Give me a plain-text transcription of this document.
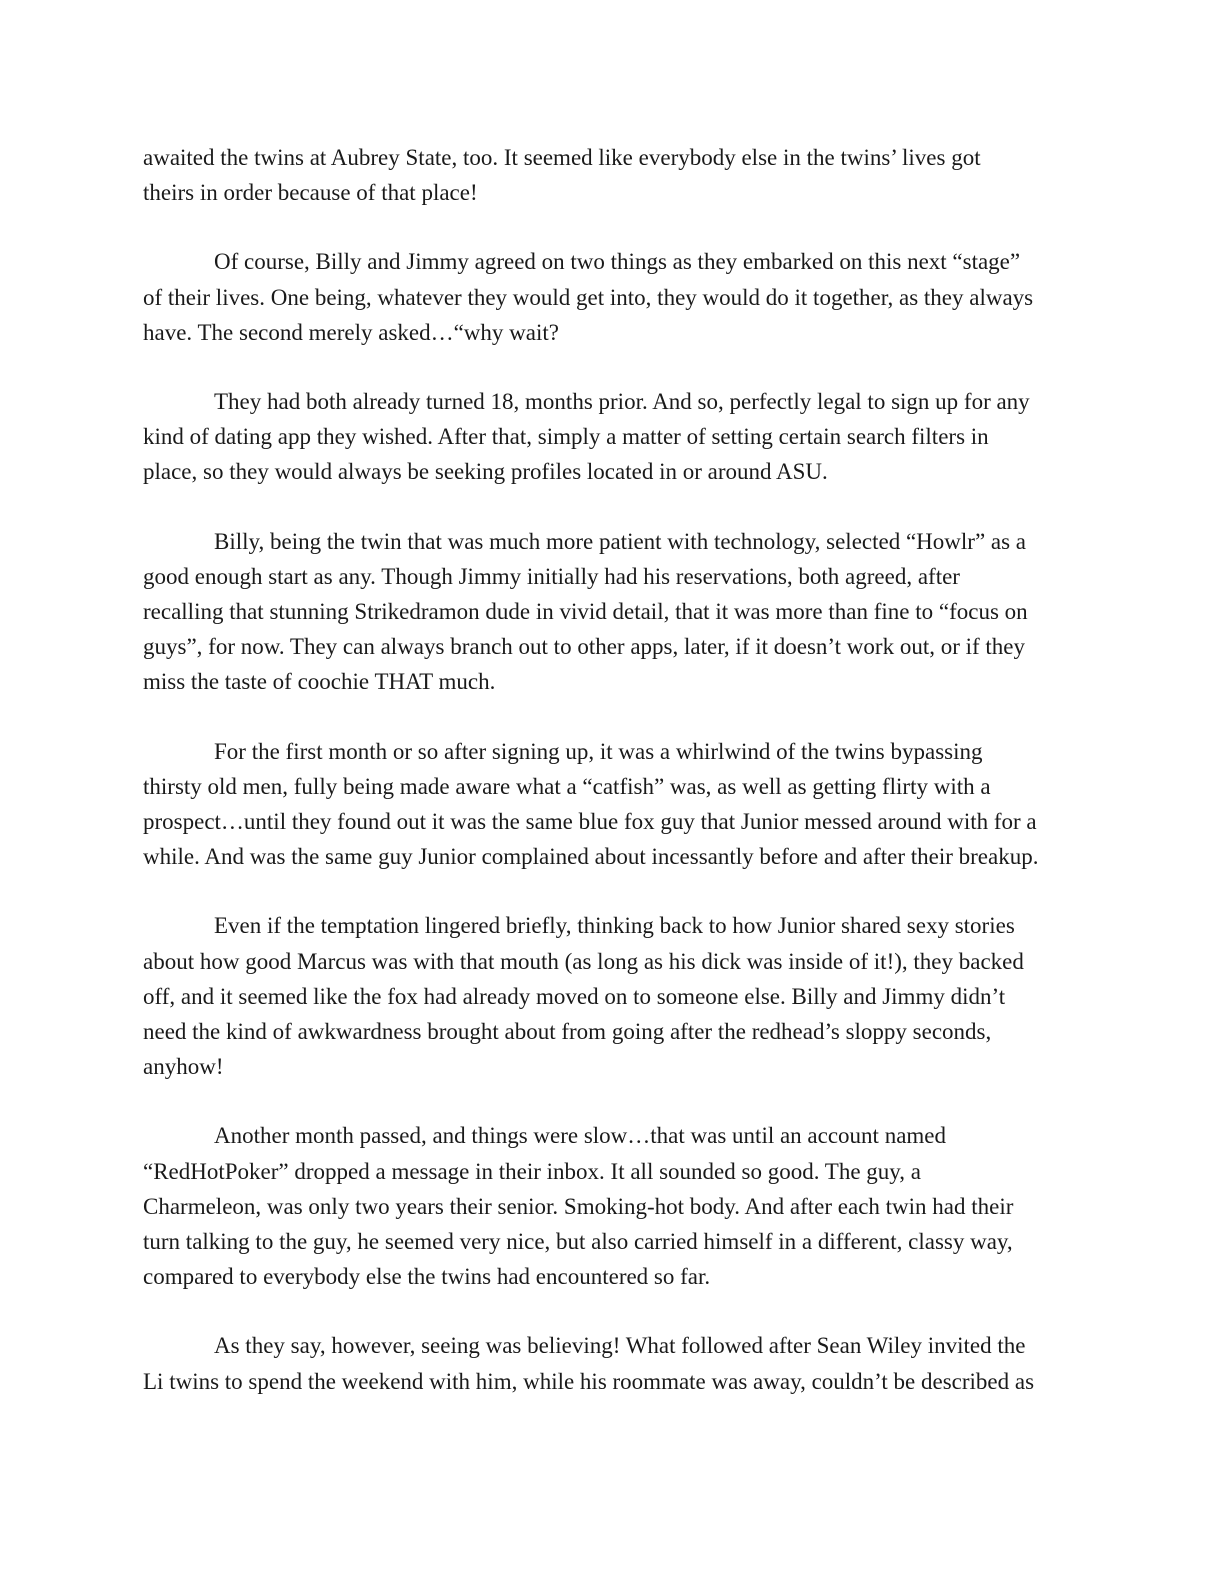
awaited the twins at Aubrey State, too. It seemed like everybody else in the twins’ lives got
theirs in order because of that place!

Of course, Billy and Jimmy agreed on two things as they embarked on this next “stage”
of their lives. One being, whatever they would get into, they would do it together, as they always
have. The second merely asked…“why wait?

They had both already turned 18, months prior. And so, perfectly legal to sign up for any
kind of dating app they wished. After that, simply a matter of setting certain search filters in
place, so they would always be seeking profiles located in or around ASU.

Billy, being the twin that was much more patient with technology, selected “Howlr” as a
good enough start as any. Though Jimmy initially had his reservations, both agreed, after
recalling that stunning Strikedramon dude in vivid detail, that it was more than fine to “focus on
guys”, for now. They can always branch out to other apps, later, if it doesn’t work out, or if they
miss the taste of coochie THAT much.

For the first month or so after signing up, it was a whirlwind of the twins bypassing
thirsty old men, fully being made aware what a “catfish” was, as well as getting flirty with a
prospect…until they found out it was the same blue fox guy that Junior messed around with for a
while. And was the same guy Junior complained about incessantly before and after their breakup.

Even if the temptation lingered briefly, thinking back to how Junior shared sexy stories
about how good Marcus was with that mouth (as long as his dick was inside of it!), they backed
off, and it seemed like the fox had already moved on to someone else. Billy and Jimmy didn’t
need the kind of awkwardness brought about from going after the redhead’s sloppy seconds,
anyhow!

Another month passed, and things were slow…that was until an account named
“RedHotPoker” dropped a message in their inbox. It all sounded so good. The guy, a
Charmeleon, was only two years their senior. Smoking-hot body. And after each twin had their
turn talking to the guy, he seemed very nice, but also carried himself in a different, classy way,
compared to everybody else the twins had encountered so far.

As they say, however, seeing was believing! What followed after Sean Wiley invited the
Li twins to spend the weekend with him, while his roommate was away, couldn’t be described as
